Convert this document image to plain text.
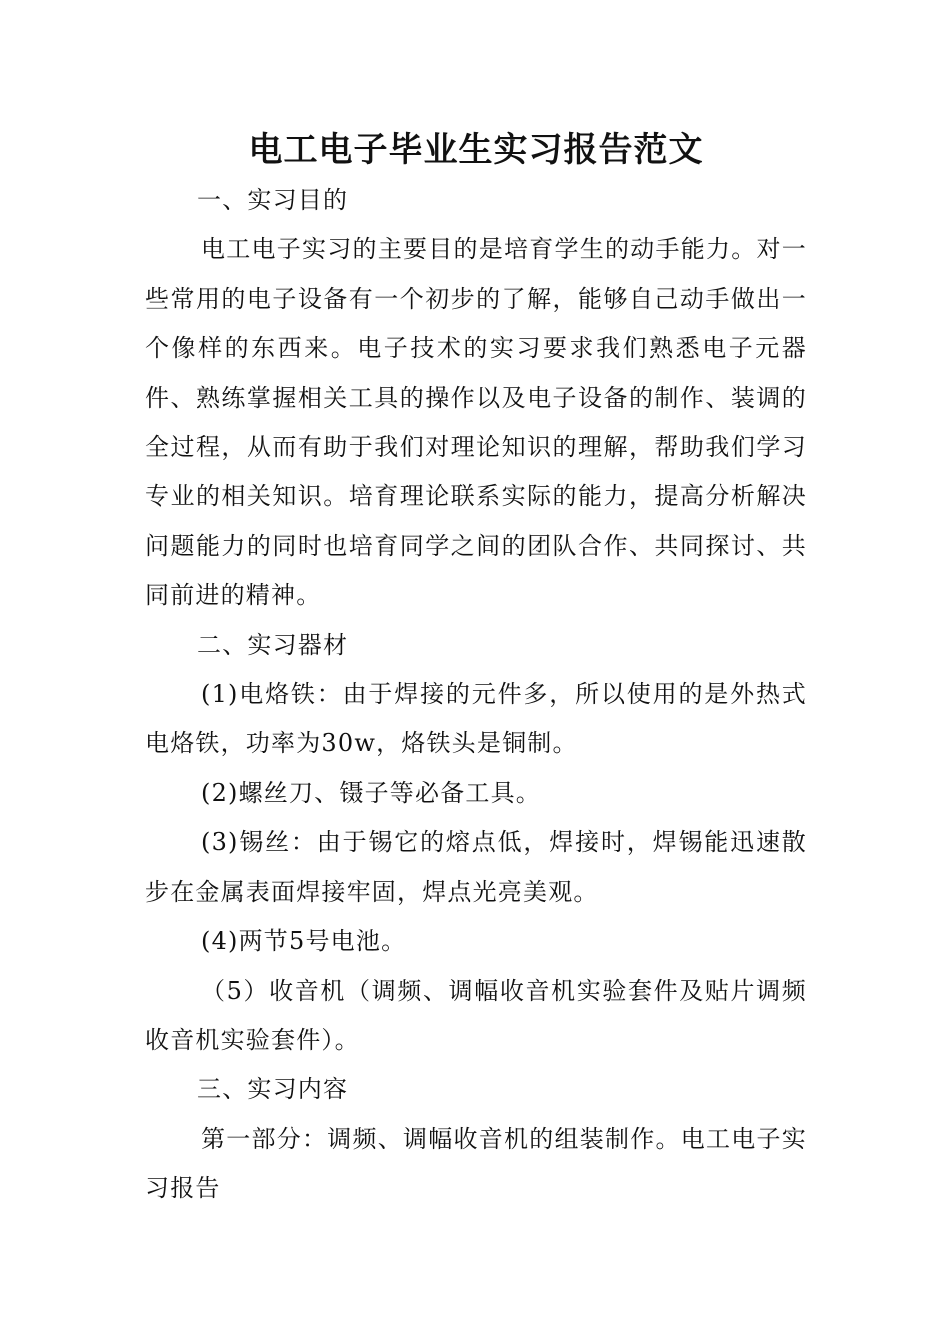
电工电子毕业生实习报告范文

一、实习目的

电工电子实习的主要目的是培育学生的动手能力。对一些常用的电子设备有一个初步的了解，能够自己动手做出一个像样的东西来。电子技术的实习要求我们熟悉电子元器件、熟练掌握相关工具的操作以及电子设备的制作、装调的全过程，从而有助于我们对理论知识的理解，帮助我们学习专业的相关知识。培育理论联系实际的能力，提高分析解决问题能力的同时也培育同学之间的团队合作、共同探讨、共同前进的精神。

二、实习器材

(1)电烙铁：由于焊接的元件多，所以使用的是外热式电烙铁，功率为30w，烙铁头是铜制。

(2)螺丝刀、镊子等必备工具。

(3)锡丝：由于锡它的熔点低，焊接时，焊锡能迅速散步在金属表面焊接牢固，焊点光亮美观。

(4)两节5号电池。

（5）收音机（调频、调幅收音机实验套件及贴片调频收音机实验套件）。

三、实习内容

第一部分：调频、调幅收音机的组装制作。电工电子实习报告
